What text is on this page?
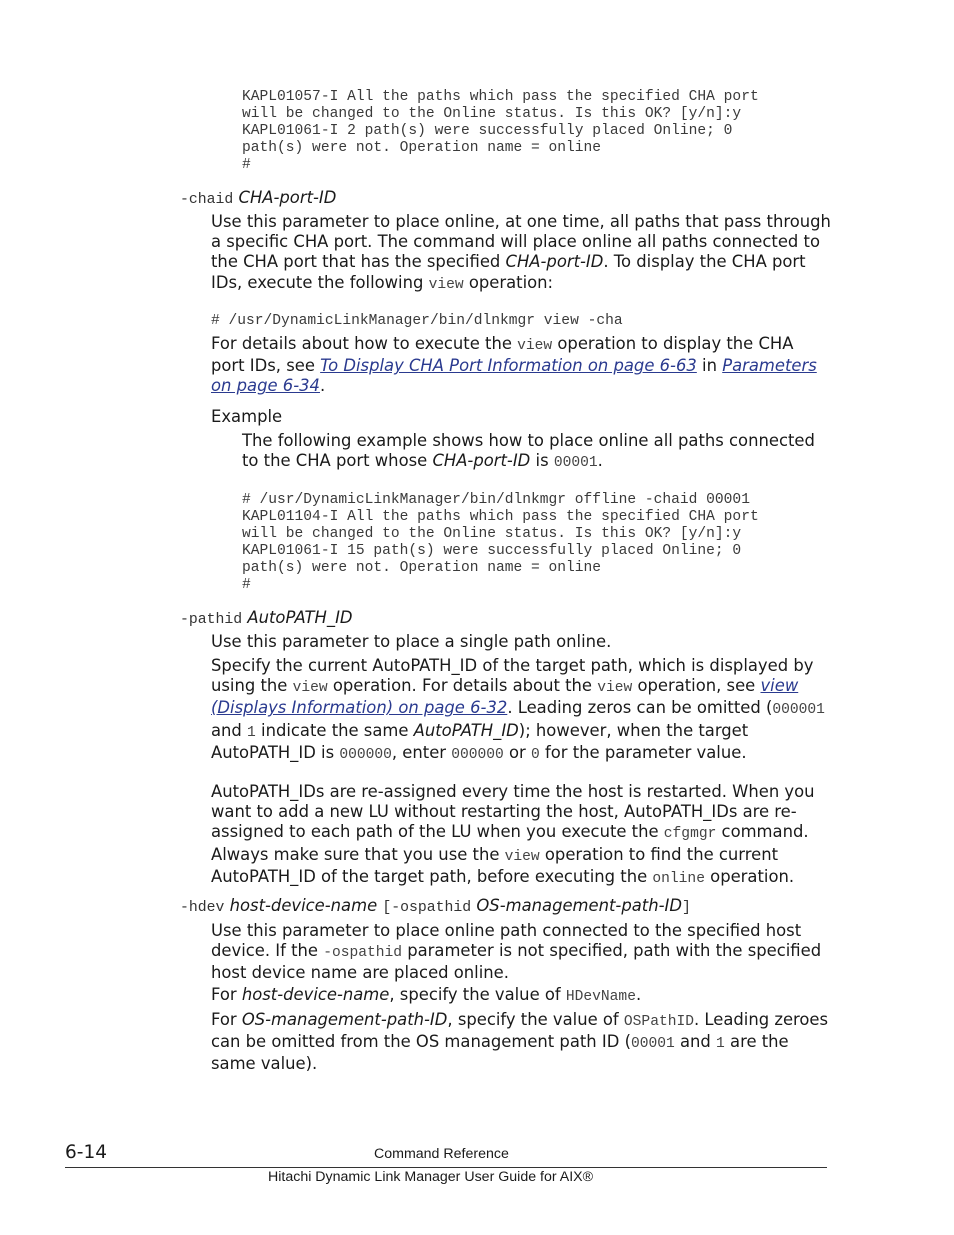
KAPL01057-I All the paths which pass the specified CHA port
will be changed to the Online status. Is this OK? [y/n]:y
KAPL01061-I 2 path(s) were successfully placed Online; 0
path(s) were not. Operation name = online
#
-chaid CHA-port-ID

Use this parameter to place online, at one time, all paths that pass through a specific CHA port. The command will place online all paths connected to the CHA port that has the specified CHA-port-ID. To display the CHA port IDs, execute the following view operation:

# /usr/DynamicLinkManager/bin/dlnkmgr view -cha

For details about how to execute the view operation to display the CHA port IDs, see To Display CHA Port Information on page 6-63 in Parameters on page 6-34.

Example

The following example shows how to place online all paths connected to the CHA port whose CHA-port-ID is 00001.

# /usr/DynamicLinkManager/bin/dlnkmgr offline -chaid 00001
KAPL01104-I All the paths which pass the specified CHA port
will be changed to the Online status. Is this OK? [y/n]:y
KAPL01061-I 15 path(s) were successfully placed Online; 0
path(s) were not. Operation name = online
#
-pathid AutoPATH_ID

Use this parameter to place a single path online.

Specify the current AutoPATH_ID of the target path, which is displayed by using the view operation. For details about the view operation, see view (Displays Information) on page 6-32. Leading zeros can be omitted (000001 and 1 indicate the same AutoPATH_ID); however, when the target AutoPATH_ID is 000000, enter 000000 or 0 for the parameter value.

AutoPATH_IDs are re-assigned every time the host is restarted. When you want to add a new LU without restarting the host, AutoPATH_IDs are re-assigned to each path of the LU when you execute the cfgmgr command. Always make sure that you use the view operation to find the current AutoPATH_ID of the target path, before executing the online operation.

-hdev host-device-name [-ospathid OS-management-path-ID]

Use this parameter to place online path connected to the specified host device. If the -ospathid parameter is not specified, path with the specified host device name are placed online.

For host-device-name, specify the value of HDevName.

For OS-management-path-ID, specify the value of OSPathID. Leading zeroes can be omitted from the OS management path ID (00001 and 1 are the same value).

6-14	Command Reference
Hitachi Dynamic Link Manager User Guide for AIX®
